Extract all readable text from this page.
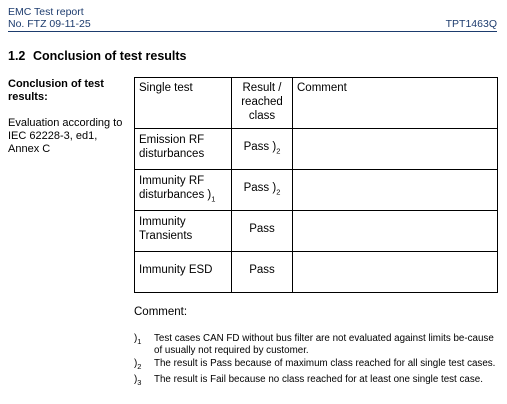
EMC Test report
No. FTZ 09-11-25	TPT1463Q
1.2 Conclusion of test results
Conclusion of test results:
Evaluation according to IEC 62228-3, ed1, Annex C
Single test	Result / reached class	Comment
Emission RF disturbances	Pass )$_2$	
Immunity RF disturbances )$_1$	Pass )$_2$	
Immunity Transients	Pass	
Immunity ESD	Pass	
Comment:
)$_1$	Test cases CAN FD without bus filter are not evaluated against limits be-cause of usually not required by customer.
)$_2$	The result is Pass because of maximum class reached for all single test cases.
)$_3$	The result is Fail because no class reached for at least one single test case.
